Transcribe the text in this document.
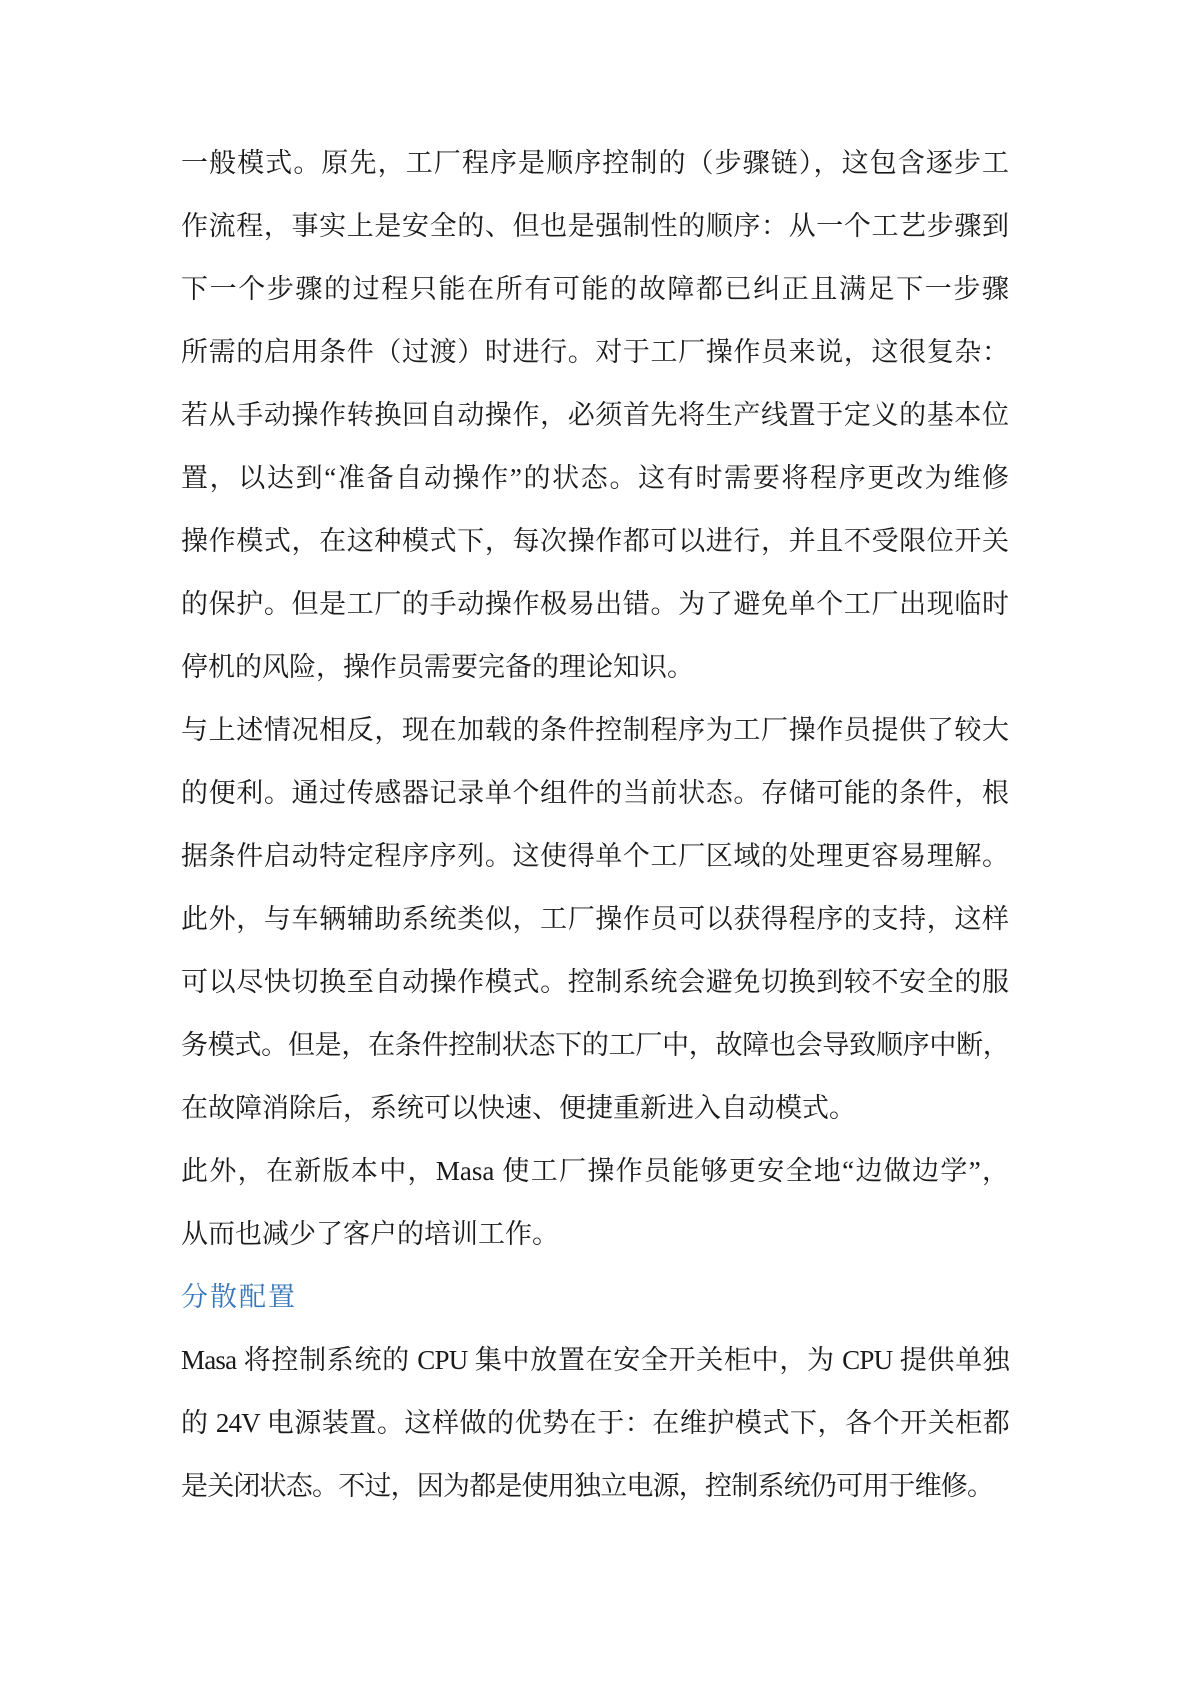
一般模式。原先，工厂程序是顺序控制的（步骤链），这包含逐步工
作流程，事实上是安全的、但也是强制性的顺序：从一个工艺步骤到
下一个步骤的过程只能在所有可能的故障都已纠正且满足下一步骤
所需的启用条件（过渡）时进行。对于工厂操作员来说，这很复杂：
若从手动操作转换回自动操作，必须首先将生产线置于定义的基本位
置，以达到“准备自动操作”的状态。这有时需要将程序更改为维修
操作模式，在这种模式下，每次操作都可以进行，并且不受限位开关
的保护。但是工厂的手动操作极易出错。为了避免单个工厂出现临时
停机的风险，操作员需要完备的理论知识。
与上述情况相反，现在加载的条件控制程序为工厂操作员提供了较大
的便利。通过传感器记录单个组件的当前状态。存储可能的条件，根
据条件启动特定程序序列。这使得单个工厂区域的处理更容易理解。
此外，与车辆辅助系统类似，工厂操作员可以获得程序的支持，这样
可以尽快切换至自动操作模式。控制系统会避免切换到较不安全的服
务模式。但是，在条件控制状态下的工厂中，故障也会导致顺序中断，
在故障消除后，系统可以快速、便捷重新进入自动模式。
此外，在新版本中，Masa 使工厂操作员能够更安全地“边做边学”，
从而也减少了客户的培训工作。
分散配置
Masa 将控制系统的 CPU 集中放置在安全开关柜中，为 CPU 提供单独
的 24V 电源装置。这样做的优势在于：在维护模式下，各个开关柜都
是关闭状态。不过，因为都是使用独立电源，控制系统仍可用于维修。
